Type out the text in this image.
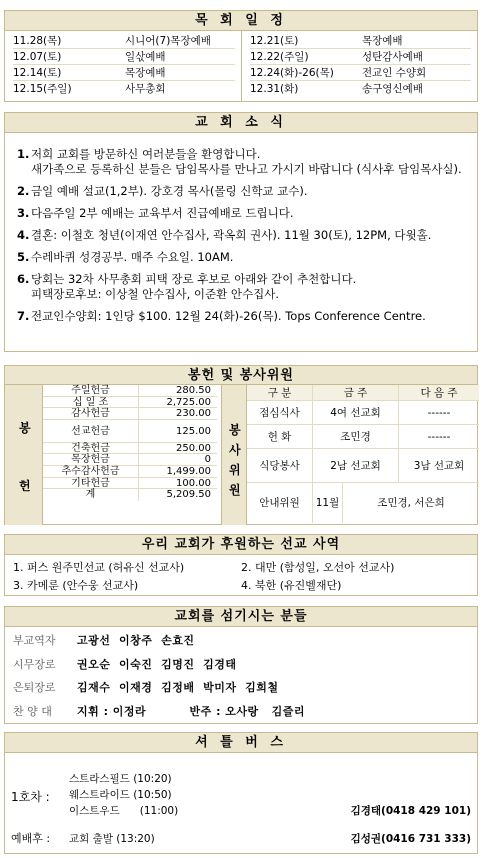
목 회 일 정
11.28(목)	시니어(7)목장예배
12.07(토)	일삯예배
12.14(토)	목장예배
12.15(주일)	사무총회
12.21(토)	목장예배
12.22(주일)	성탄감사예배
12.24(화)-26(목)	전교인 수양회
12.31(화)	송구영신예배
교 회 소 식
1. 저희 교회를 방문하신 여러분들을 환영합니다.
새가족으로 등록하신 분들은 담임목사를 만나고 가시기 바랍니다 (식사후 담임목사실).
2. 금일 예배 설교(1,2부). 강호경 목사(몰링 신학교 교수).
3. 다음주일 2부 예배는 교육부서 진급예배로 드립니다.
4. 결혼: 이철호 청년(이재연 안수집사, 곽옥희 권사). 11월 30(토), 12PM, 다윗홀.
5. 수레바퀴 성경공부. 매주 수요일. 10AM.
6. 당회는 32차 사무총회 피택 장로 후보로 아래와 같이 추천합니다.
피택장로후보: 이상철 안수집사, 이준환 안수집사.
7. 전교인수양회: 1인당 $100. 12월 24(화)-26(목). Tops Conference Centre.
봉헌 및 봉사위원
봉
헌
주일헌금	280.50
십 일 조	2,725.00
감사헌금	230.00
선교헌금	125.00
건축헌금	250.00
목장헌금	0
추수감사헌금	1,499.00
기타헌금	100.00
계	5,209.50
봉
사
위
원
구 분	금 주	다 음 주
점심식사	4여 선교회	------
헌 화	조민경	------
식당봉사	2남 선교회	3남 선교회
안내위원	11월	조민경, 서은희
우리 교회가 후원하는 선교 사역
1. 퍼스 원주민선교 (허유신 선교사)	2. 대만 (함성일, 오선아 선교사)
3. 카메룬 (안수웅 선교사)	4. 북한 (유진벨재단)
교회를 섬기시는 분들
부교역자	고광선  이창주  손효진
시무장로	권오순  이숙진  김명진  김경태
은퇴장로	김재수  이재경  김정배  박미자  김희철
찬 양 대	지휘 : 이정라          반주 : 오사랑   김즐리
셔 틀 버 스
1호차 :
스트라스필드 (10:20)
웨스트라이드 (10:50)
이스트우드      (11:00)	김경태(0418 429 101)
예배후 : 교회 출발 (13:20)	김성권(0416 731 333)
